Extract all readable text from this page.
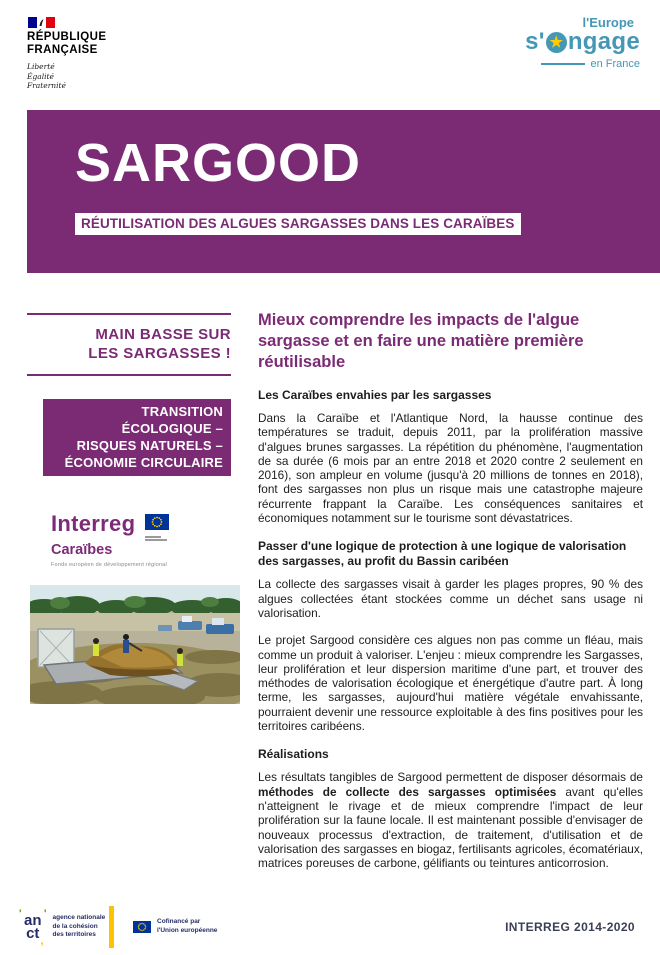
RÉPUBLIQUE
FRANÇAISE
Liberté
Égalité
Fraternité
l'Europe
s' ★ ngage
en France
SARGOOD
RÉUTILISATION DES ALGUES SARGASSES DANS LES CARAÏBES
MAIN BASSE SUR
LES SARGASSES !
TRANSITION ÉCOLOGIQUE –
RISQUES NATURELS –
ÉCONOMIE CIRCULAIRE
Interreg
Caraïbes
Fonds européen de développement régional
Mieux comprendre les impacts de l'algue sargasse et en faire une matière première réutilisable
Les Caraïbes envahies par les sargasses

Dans la Caraïbe et l'Atlantique Nord, la hausse continue des températures se traduit, depuis 2011, par la prolifération massive d'algues brunes sargasses. La répétition du phénomène, l'augmentation de sa durée (6 mois par an entre 2018 et 2020 contre 2 seulement en 2016), son ampleur en volume (jusqu'à 20 millions de tonnes en 2018), font des sargasses non plus un risque mais une catastrophe majeure récurrente frappant la Caraïbe. Les conséquences sanitaires et économiques notamment sur le tourisme sont dévastatrices.

Passer d'une logique de protection à une logique de valorisation des sargasses, au profit du Bassin caribéen

La collecte des sargasses visait à garder les plages propres, 90 % des algues collectées étant stockées comme un déchet sans usage ni valorisation.

Le projet Sargood considère ces algues non pas comme un fléau, mais comme un produit à valoriser. L'enjeu : mieux comprendre les Sargasses, leur prolifération et leur dispersion maritime d'une part, et trouver des méthodes de valorisation écologique et énergétique d'autre part. À long terme, les sargasses, aujourd'hui matière végétale envahissante, pourraient devenir une ressource exploitable à des fins positives pour les territoires caribéens.

Réalisations

Les résultats tangibles de Sargood permettent de disposer désormais de méthodes de collecte des sargasses optimisées avant qu'elles n'atteignent le rivage et de mieux comprendre l'impact de leur prolifération sur la faune locale. Il est maintenant possible d'envisager de nouveaux processus d'extraction, de traitement, d'utilisation et de valorisation des sargasses en biogaz, fertilisants agricoles, écomatériaux, matrices poreuses de carbone, gélifiants ou teintures anticorrosion.

' '
,
an
ct
agence nationale
de la cohésion
des territoires
Cofinancé par
l'Union européenne	INTERREG 2014-2020
